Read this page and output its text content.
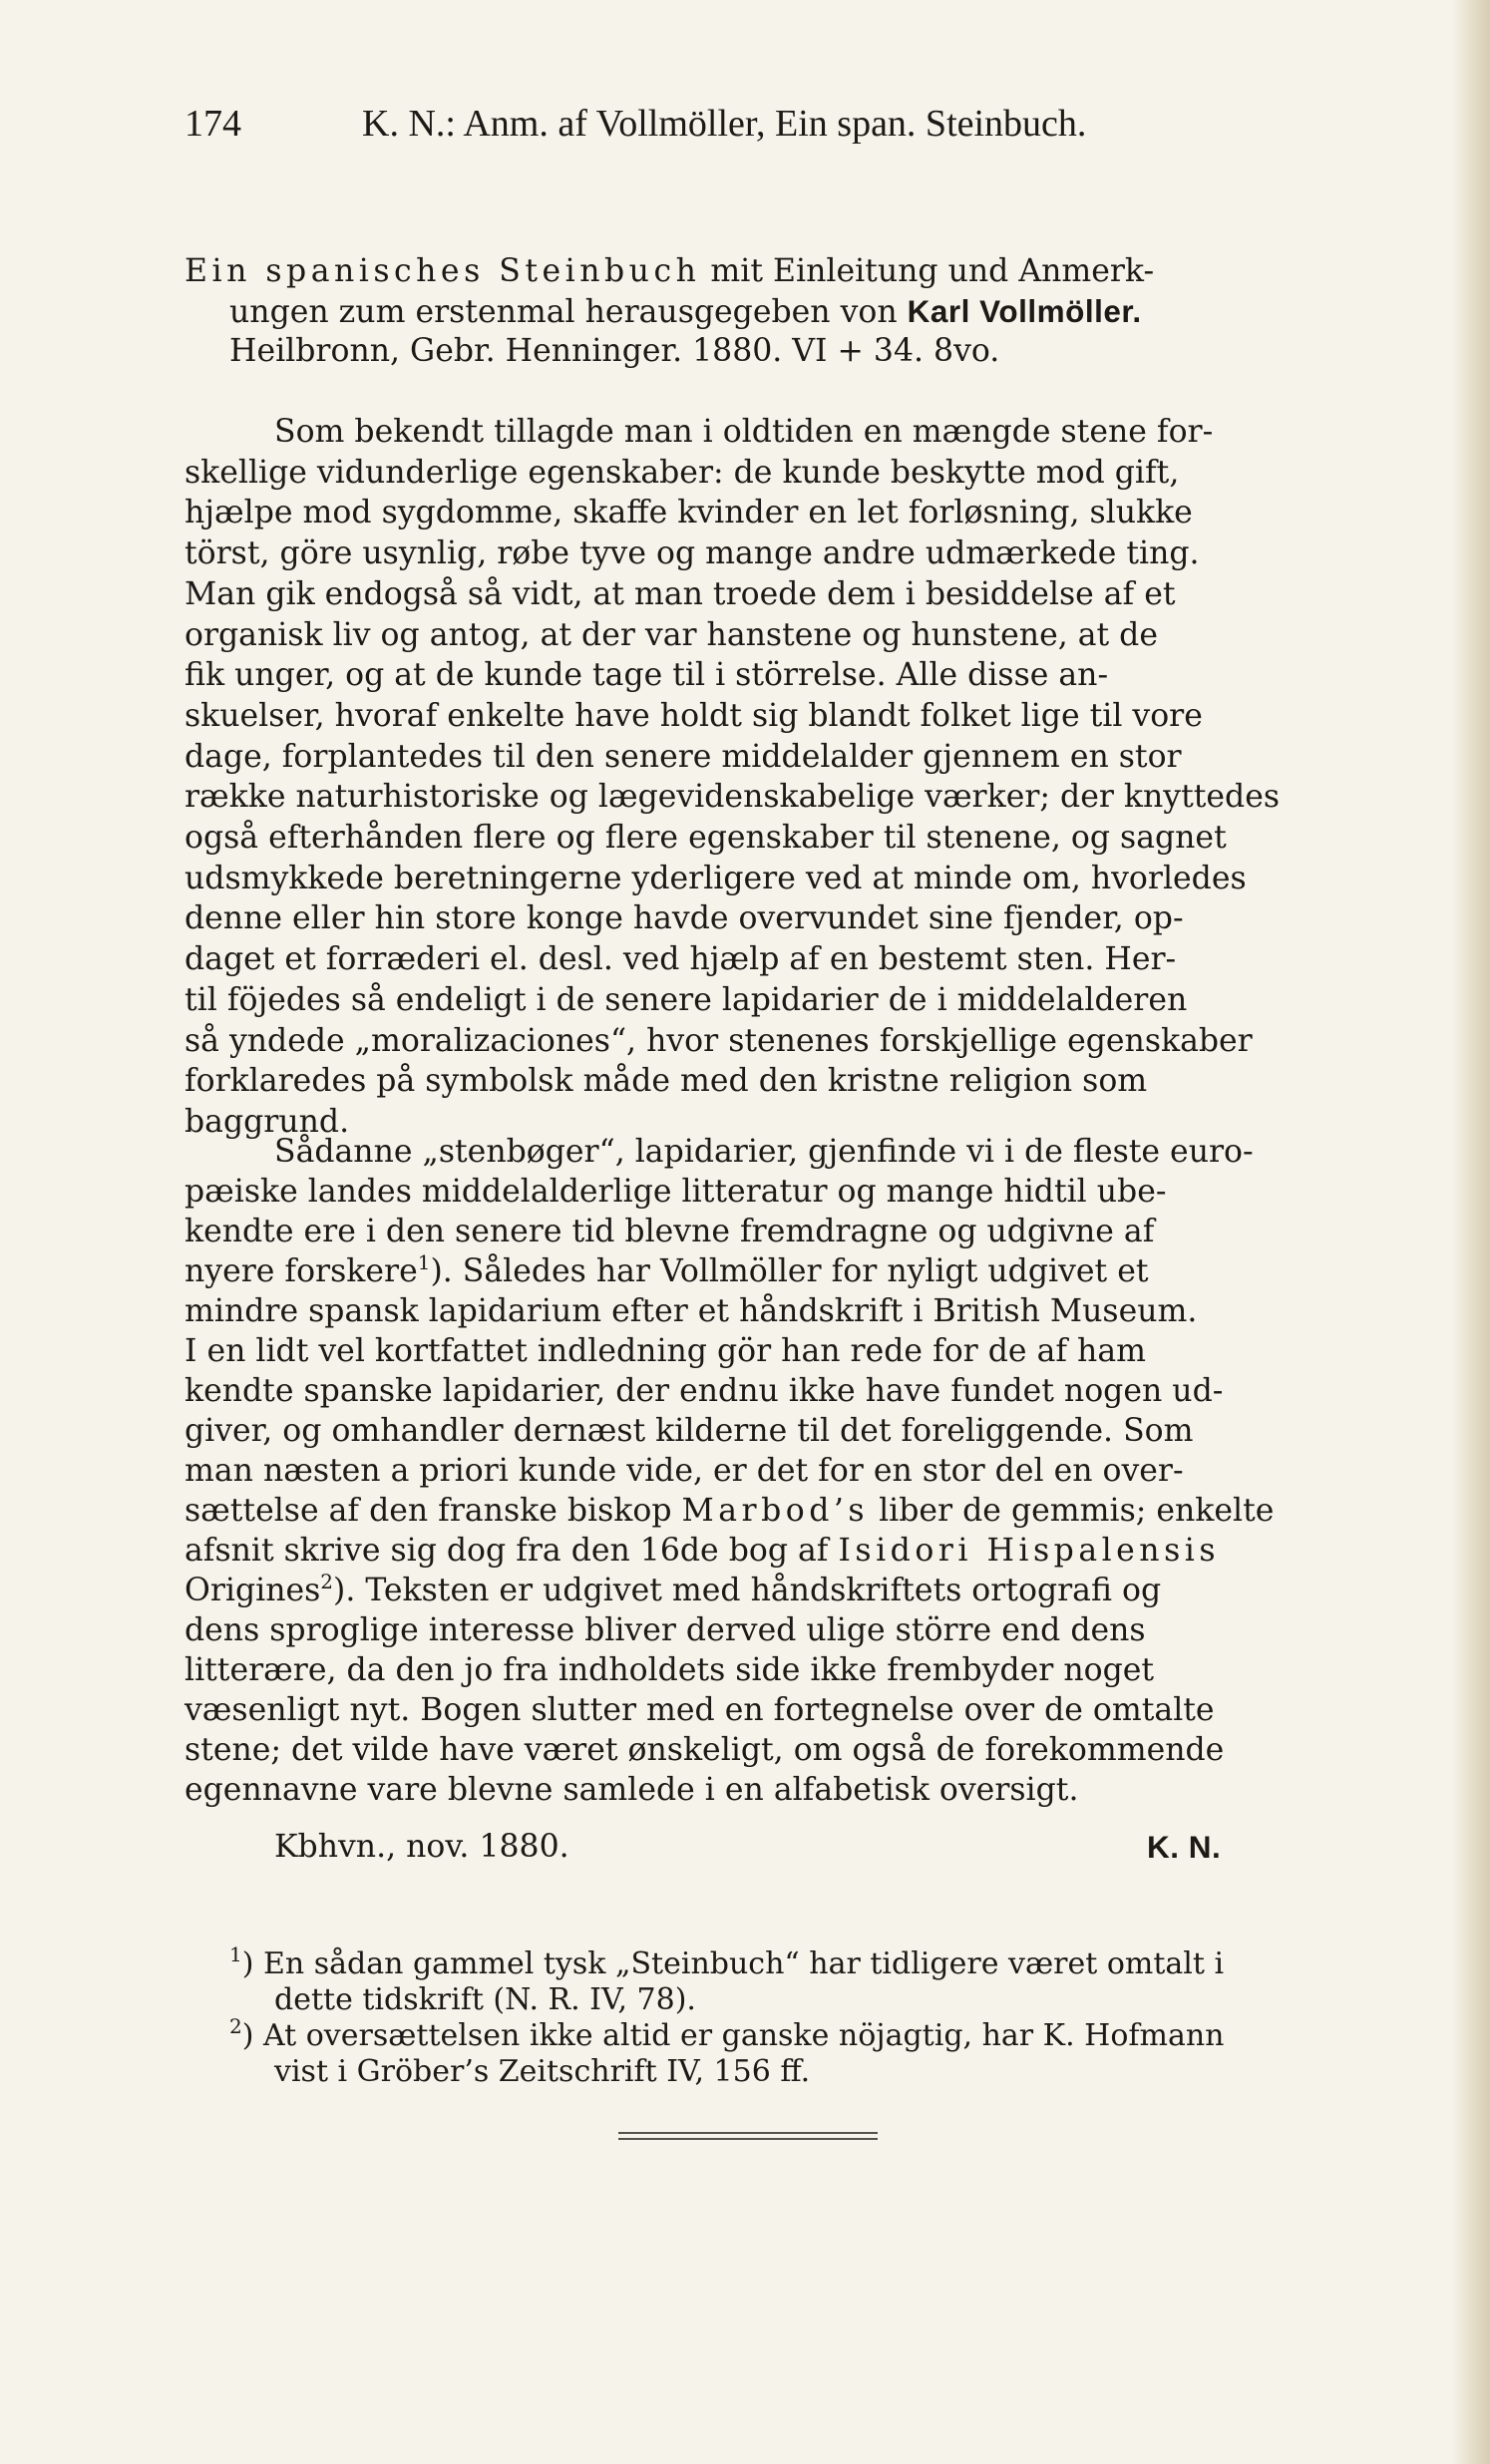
174	K. N.: Anm. af Vollmöller, Ein span. Steinbuch.

Ein spanisches Steinbuch mit Einleitung und Anmerk-

ungen zum erstenmal herausgegeben von Karl Vollmöller.

Heilbronn, Gebr. Henninger. 1880. VI + 34. 8vo.

Som bekendt tillagde man i oldtiden en mængde stene for-

skellige vidunderlige egenskaber: de kunde beskytte mod gift,

hjælpe mod sygdomme, skaffe kvinder en let forløsning, slukke

törst, göre usynlig, røbe tyve og mange andre udmærkede ting.

Man gik endogså så vidt, at man troede dem i besiddelse af et

organisk liv og antog, at der var hanstene og hunstene, at de

fik unger, og at de kunde tage til i störrelse. Alle disse an-

skuelser, hvoraf enkelte have holdt sig blandt folket lige til vore

dage, forplantedes til den senere middelalder gjennem en stor

række naturhistoriske og lægevidenskabelige værker; der knyttedes

også efterhånden flere og flere egenskaber til stenene, og sagnet

udsmykkede beretningerne yderligere ved at minde om, hvorledes

denne eller hin store konge havde overvundet sine fjender, op-

daget et forræderi el. desl. ved hjælp af en bestemt sten. Her-

til föjedes så endeligt i de senere lapidarier de i middelalderen

så yndede „moralizaciones“, hvor stenenes forskjellige egenskaber

forklaredes på symbolsk måde med den kristne religion som

baggrund.

Sådanne „stenbøger“, lapidarier, gjenfinde vi i de fleste euro-

pæiske landes middelalderlige litteratur og mange hidtil ube-

kendte ere i den senere tid blevne fremdragne og udgivne af

nyere forskere$^1$). Således har Vollmöller for nyligt udgivet et

mindre spansk lapidarium efter et håndskrift i British Museum.

I en lidt vel kortfattet indledning gör han rede for de af ham

kendte spanske lapidarier, der endnu ikke have fundet nogen ud-

giver, og omhandler dernæst kilderne til det foreliggende. Som

man næsten a priori kunde vide, er det for en stor del en over-

sættelse af den franske biskop Marbod’s liber de gemmis; enkelte

afsnit skrive sig dog fra den 16de bog af Isidori Hispalensis

Origines$^2$). Teksten er udgivet med håndskriftets ortografi og

dens sproglige interesse bliver derved ulige större end dens

litterære, da den jo fra indholdets side ikke frembyder noget

væsenligt nyt. Bogen slutter med en fortegnelse over de omtalte

stene; det vilde have været ønskeligt, om også de forekommende

egennavne vare blevne samlede i en alfabetisk oversigt.

Kbhvn., nov. 1880.	K. N.

$^1$) En sådan gammel tysk „Steinbuch“ har tidligere været omtalt i

dette tidskrift (N. R. IV, 78).

$^2$) At oversættelsen ikke altid er ganske nöjagtig, har K. Hofmann

vist i Gröber’s Zeitschrift IV, 156 ff.
